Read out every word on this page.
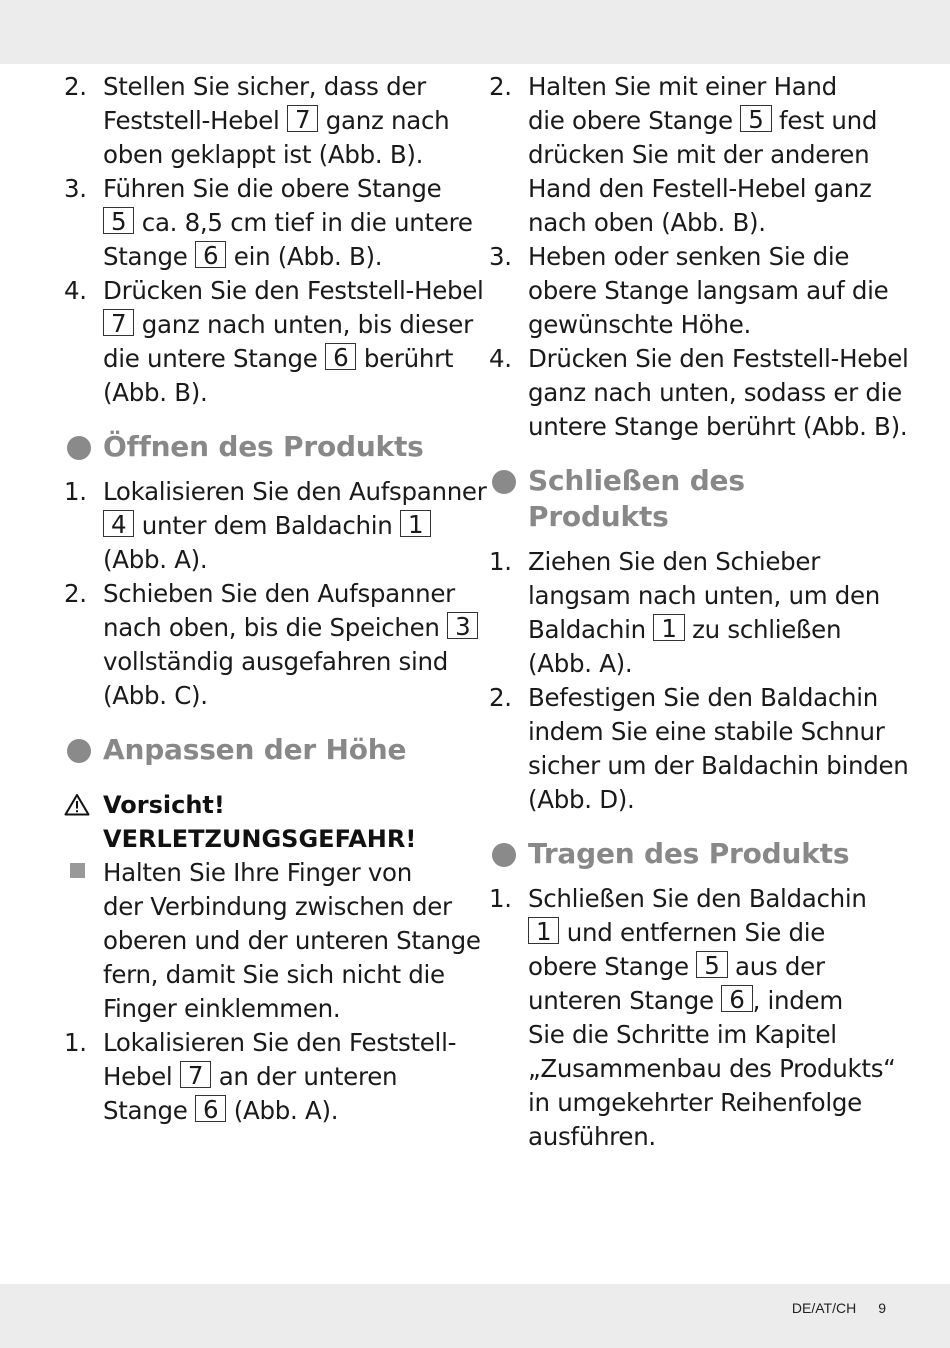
2. Stellen Sie sicher, dass der
Feststell-Hebel 7 ganz nach
oben geklappt ist (Abb. B).
3. Führen Sie die obere Stange
5 ca. 8,5 cm tief in die untere
Stange 6 ein (Abb. B).
4. Drücken Sie den Feststell-Hebel
7 ganz nach unten, bis dieser
die untere Stange 6 berührt
(Abb. B).
Öffnen des Produkts
1. Lokalisieren Sie den Aufspanner
4 unter dem Baldachin 1
(Abb. A).
2. Schieben Sie den Aufspanner
nach oben, bis die Speichen 3
vollständig ausgefahren sind
(Abb. C).
Anpassen der Höhe
Vorsicht!
VERLETZUNGSGEFAHR!
Halten Sie Ihre Finger von
der Verbindung zwischen der
oberen und der unteren Stange
fern, damit Sie sich nicht die
Finger einklemmen.
1. Lokalisieren Sie den Feststell-
Hebel 7 an der unteren
Stange 6 (Abb. A).
2. Halten Sie mit einer Hand
die obere Stange 5 fest und
drücken Sie mit der anderen
Hand den Festell-Hebel ganz
nach oben (Abb. B).
3. Heben oder senken Sie die
obere Stange langsam auf die
gewünschte Höhe.
4. Drücken Sie den Feststell-Hebel
ganz nach unten, sodass er die
untere Stange berührt (Abb. B).
Schließen des
Produkts
1. Ziehen Sie den Schieber
langsam nach unten, um den
Baldachin 1 zu schließen
(Abb. A).
2. Befestigen Sie den Baldachin
indem Sie eine stabile Schnur
sicher um der Baldachin binden
(Abb. D).
Tragen des Produkts
1. Schließen Sie den Baldachin
1 und entfernen Sie die
obere Stange 5 aus der
unteren Stange 6 , indem
Sie die Schritte im Kapitel
„Zusammenbau des Produkts“
in umgekehrter Reihenfolge
ausführen.
DE/AT/CH 9
